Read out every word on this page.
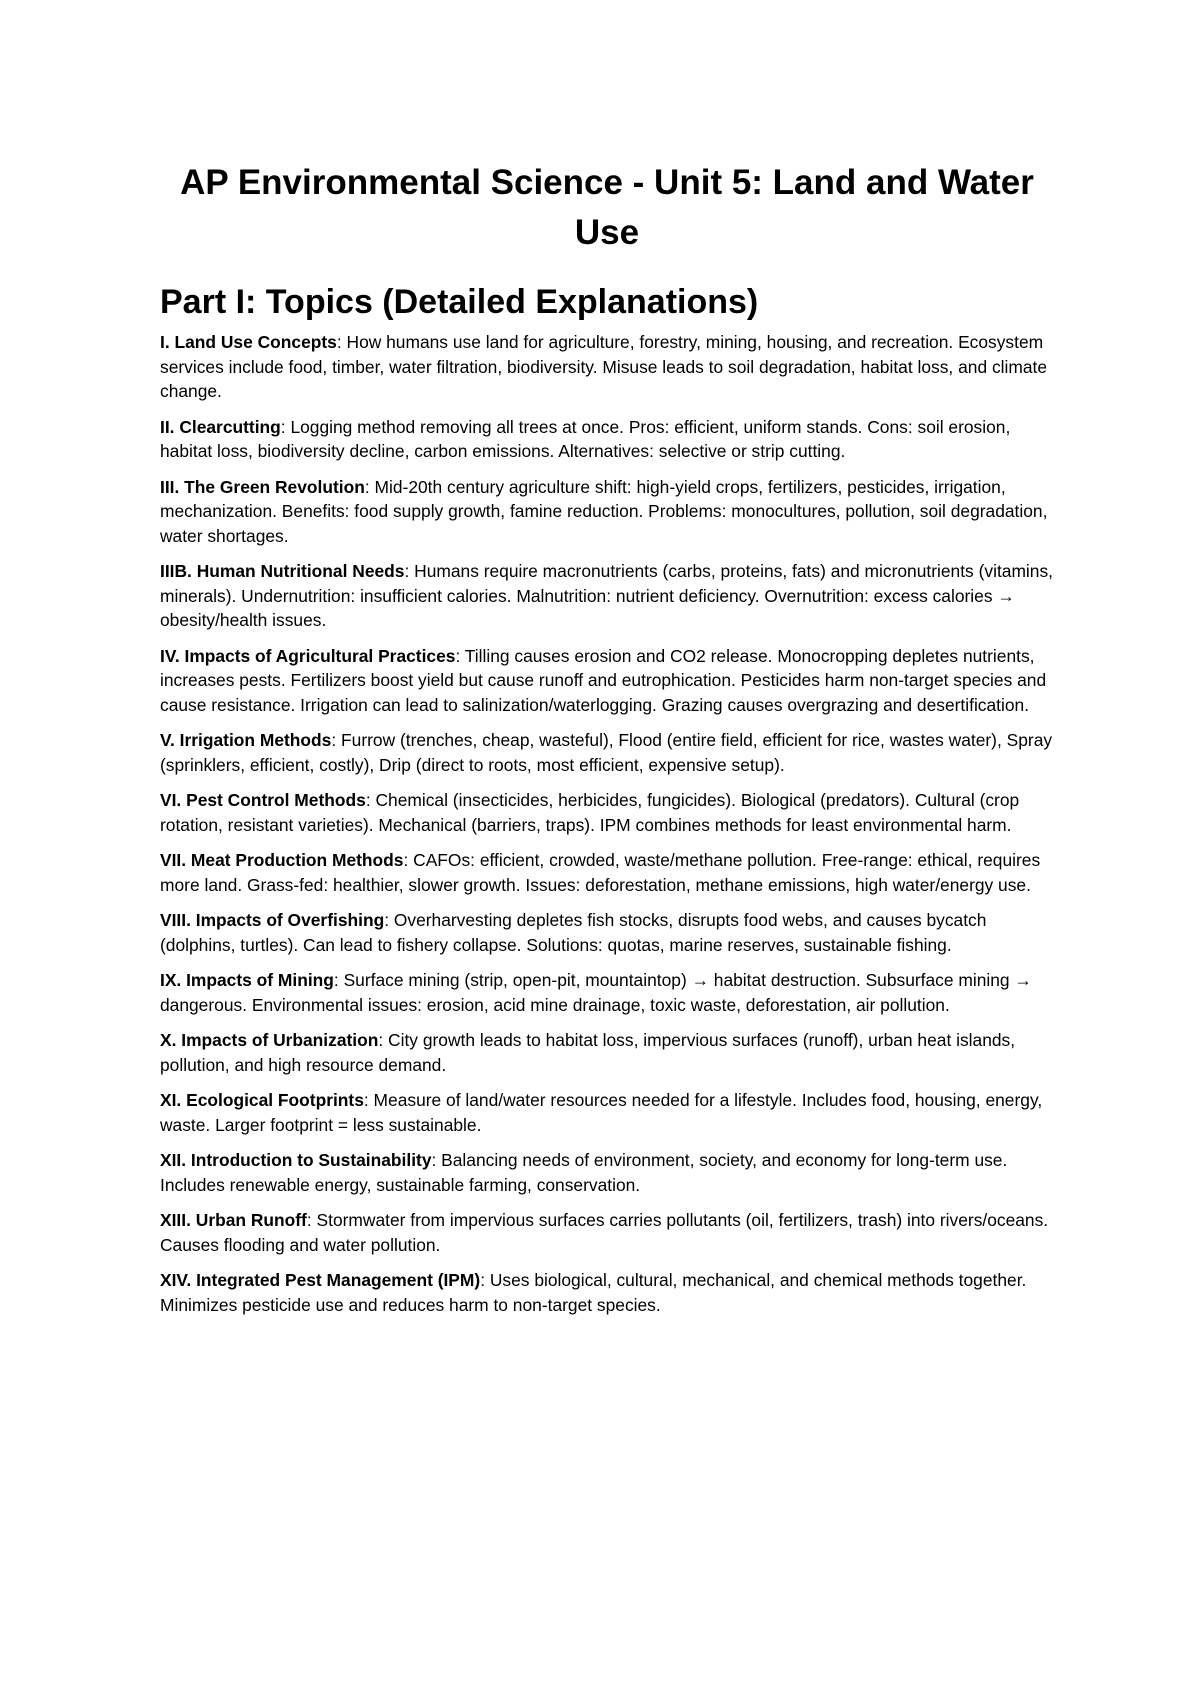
AP Environmental Science - Unit 5: Land and Water Use
Part I: Topics (Detailed Explanations)

I. Land Use Concepts: How humans use land for agriculture, forestry, mining, housing, and recreation. Ecosystem services include food, timber, water filtration, biodiversity. Misuse leads to soil degradation, habitat loss, and climate change.

II. Clearcutting: Logging method removing all trees at once. Pros: efficient, uniform stands. Cons: soil erosion, habitat loss, biodiversity decline, carbon emissions. Alternatives: selective or strip cutting.

III. The Green Revolution: Mid-20th century agriculture shift: high-yield crops, fertilizers, pesticides, irrigation, mechanization. Benefits: food supply growth, famine reduction. Problems: monocultures, pollution, soil degradation, water shortages.

IIIB. Human Nutritional Needs: Humans require macronutrients (carbs, proteins, fats) and micronutrients (vitamins, minerals). Undernutrition: insufficient calories. Malnutrition: nutrient deficiency. Overnutrition: excess calories → obesity/health issues.

IV. Impacts of Agricultural Practices: Tilling causes erosion and CO2 release. Monocropping depletes nutrients, increases pests. Fertilizers boost yield but cause runoff and eutrophication. Pesticides harm non-target species and cause resistance. Irrigation can lead to salinization/waterlogging. Grazing causes overgrazing and desertification.

V. Irrigation Methods: Furrow (trenches, cheap, wasteful), Flood (entire field, efficient for rice, wastes water), Spray (sprinklers, efficient, costly), Drip (direct to roots, most efficient, expensive setup).

VI. Pest Control Methods: Chemical (insecticides, herbicides, fungicides). Biological (predators). Cultural (crop rotation, resistant varieties). Mechanical (barriers, traps). IPM combines methods for least environmental harm.

VII. Meat Production Methods: CAFOs: efficient, crowded, waste/methane pollution. Free-range: ethical, requires more land. Grass-fed: healthier, slower growth. Issues: deforestation, methane emissions, high water/energy use.

VIII. Impacts of Overfishing: Overharvesting depletes fish stocks, disrupts food webs, and causes bycatch (dolphins, turtles). Can lead to fishery collapse. Solutions: quotas, marine reserves, sustainable fishing.

IX. Impacts of Mining: Surface mining (strip, open-pit, mountaintop) → habitat destruction. Subsurface mining → dangerous. Environmental issues: erosion, acid mine drainage, toxic waste, deforestation, air pollution.

X. Impacts of Urbanization: City growth leads to habitat loss, impervious surfaces (runoff), urban heat islands, pollution, and high resource demand.

XI. Ecological Footprints: Measure of land/water resources needed for a lifestyle. Includes food, housing, energy, waste. Larger footprint = less sustainable.

XII. Introduction to Sustainability: Balancing needs of environment, society, and economy for long-term use. Includes renewable energy, sustainable farming, conservation.

XIII. Urban Runoff: Stormwater from impervious surfaces carries pollutants (oil, fertilizers, trash) into rivers/oceans. Causes flooding and water pollution.

XIV. Integrated Pest Management (IPM): Uses biological, cultural, mechanical, and chemical methods together. Minimizes pesticide use and reduces harm to non-target species.
